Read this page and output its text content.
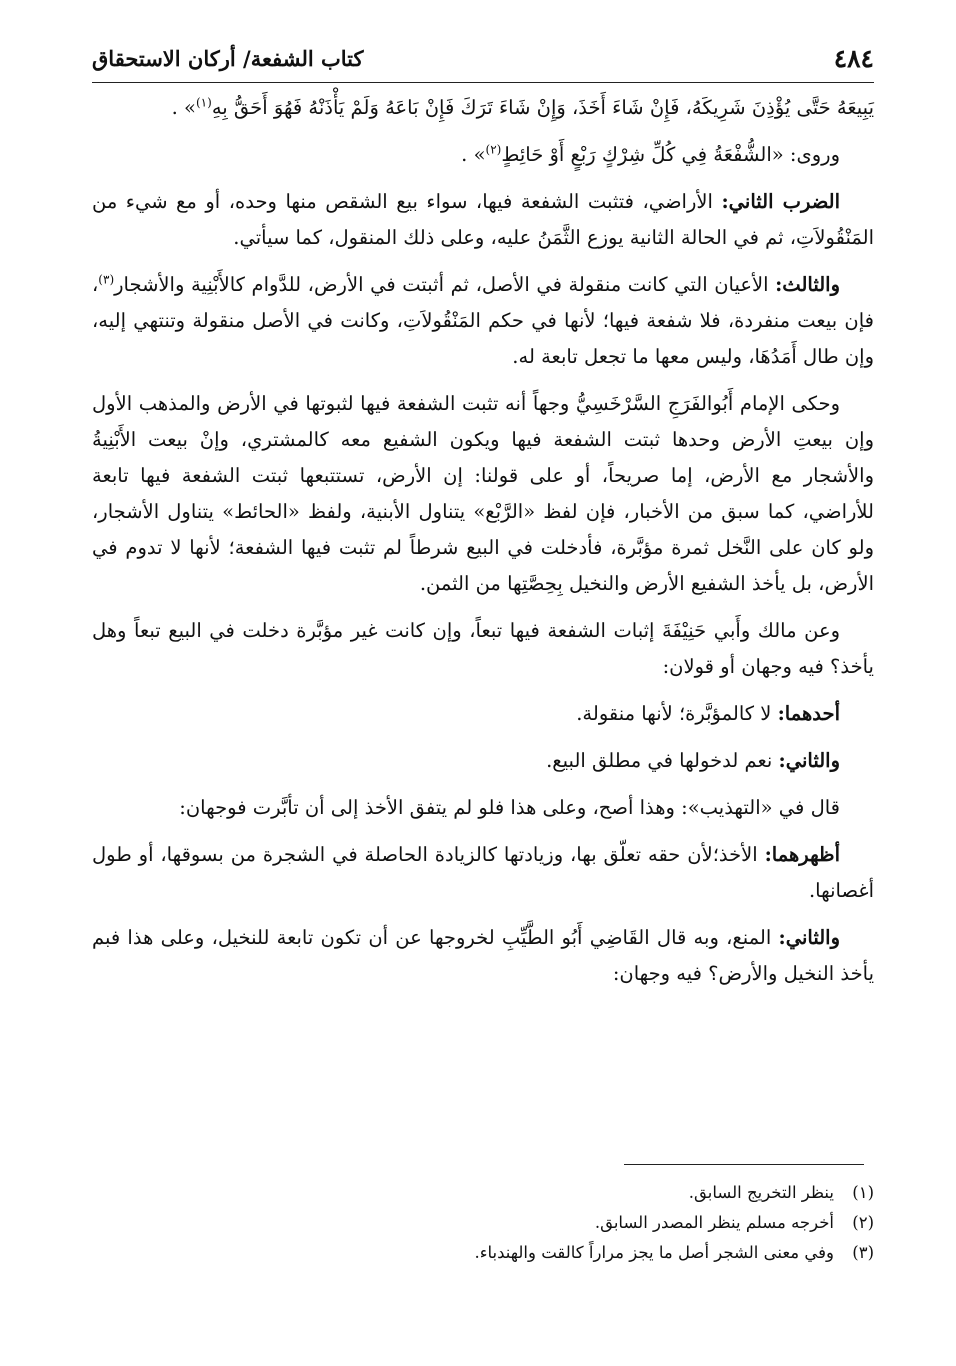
٤٨٤
كتاب الشفعة/ أركان الاستحقاق

يَبِيعَهُ حَتَّى يُؤْذِنَ شَرِيكَهُ، فَإِنْ شَاءَ أَخَذَ، وَإِنْ شَاءَ تَرَكَ فَإِنْ بَاعَهُ وَلَمْ يَأْذَنْهُ فَهُوَ أَحَقُّ بِهِ$^{(١)}$» .

وروى: «الشُّفْعَةُ فِي كُلِّ شِرْكٍ رَبْعٍ أَوْ حَائِطٍ$^{(٢)}$» .

الضرب الثاني: الأراضي، فتثبت الشفعة فيها، سواء بيع الشقص منها وحده، أو مع شيء من المَنْقُولاَتِ، ثم في الحالة الثانية يوزع الثَّمَنُ عليه، وعلى ذلك المنقول، كما سيأتي.

والثالث: الأعيان التي كانت منقولة في الأصل، ثم أثبتت في الأرض، للدَّوام كالأَبْنِية والأشجار$^{(٣)}$، فإن بيعت منفردة، فلا شفعة فيها؛ لأنها في حكم المَنْقُولاَتِ، وكانت في الأصل منقولة وتنتهي إليه، وإن طال أَمَدُهَا، وليس معها ما تجعل تابعة له.

وحكى الإمام أَبُوالفَرَجِ السَّرْخَسِيُّ وجهاً أنه تثبت الشفعة فيها لثبوتها في الأرض والمذهب الأول وإن بيعتِ الأرض وحدها ثبتت الشفعة فيها ويكون الشفيع معه كالمشتري، وإنْ بيعت الأَبْنِيةُ والأشجار مع الأرض، إما صريحاً، أو على قولنا: إن الأرض، تستتبعها ثبتت الشفعة فيها تابعة للأراضي، كما سبق من الأخبار، فإن لفظ «الرَّبْع» يتناول الأبنية، ولفظ «الحائط» يتناول الأشجار، ولو كان على النَّخل ثمرة مؤبَّرة، فأدخلت في البيع شرطاً لم تثبت فيها الشفعة؛ لأنها لا تدوم في الأرض، بل يأخذ الشفيع الأرض والنخيل بِحِصَّتِها من الثمن.

وعن مالك وأَبي حَنِيْفَةَ إثبات الشفعة فيها تبعاً، وإن كانت غير مؤبَّرة دخلت في البيع تبعاً وهل يأخذ؟ فيه وجهان أو قولان:

أحدهما: لا كالمؤبَّرة؛ لأنها منقولة.

والثاني: نعم لدخولها في مطلق البيع.

قال في «التهذيب»: وهذا أصح، وعلى هذا فلو لم يتفق الأخذ إلى أن تأبَّرت فوجهان:

أظهرهما: الأخذ؛لأن حقه تعلّق بها، وزيادتها كالزيادة الحاصلة في الشجرة من بسوقها، أو طول أغصانها.

والثاني: المنع، وبه قال القَاضِي أَبُو الطَّيِّبِ لخروجها عن أن تكون تابعة للنخيل، وعلى هذا فبم يأخذ النخيل والأرض؟ فيه وجهان:

(١)ينظر التخريج السابق.

(٢)أخرجه مسلم ينظر المصدر السابق.

(٣)وفي معنى الشجر أصل ما يجز مراراً كالقت والهندباء.
